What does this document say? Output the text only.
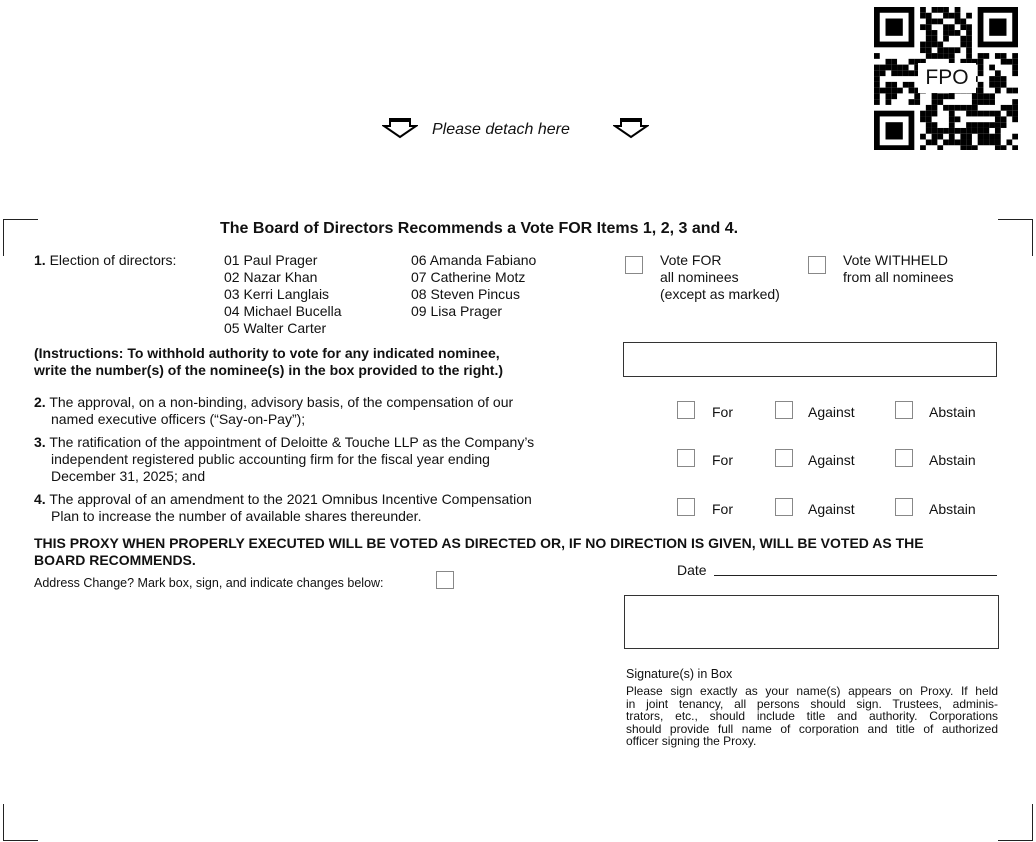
Please detach here
FPO
The Board of Directors Recommends a Vote FOR Items 1, 2, 3 and 4.
1. Election of directors:	01 Paul Prager
02 Nazar Khan
03 Kerri Langlais
04 Michael Bucella
05 Walter Carter
06 Amanda Fabiano
07 Catherine Motz
08 Steven Pincus
09 Lisa Prager
Vote FOR
all nominees
(except as marked)
Vote WITHHELD
from all nominees
(Instructions: To withhold authority to vote for any indicated nominee,
write the number(s) of the nominee(s) in the box provided to the right.)
2. The approval, on a non-binding, advisory basis, of the compensation of our
named executive officers (“Say-on-Pay”);
3. The ratification of the appointment of Deloitte & Touche LLP as the Company’s
independent registered public accounting firm for the fiscal year ending
December 31, 2025; and
4. The approval of an amendment to the 2021 Omnibus Incentive Compensation
Plan to increase the number of available shares thereunder.
For	Against	Abstain
For	Against	Abstain
For	Against	Abstain
THIS PROXY WHEN PROPERLY EXECUTED WILL BE VOTED AS DIRECTED OR, IF NO DIRECTION IS GIVEN, WILL BE VOTED AS THE
BOARD RECOMMENDS.
Address Change? Mark box, sign, and indicate changes below:
Date
Signature(s) in Box
Please sign exactly as your name(s) appears on Proxy. If held
in joint tenancy, all persons should sign. Trustees, adminis-
trators, etc., should include title and authority. Corporations
should provide full name of corporation and title of authorized
officer signing the Proxy.
